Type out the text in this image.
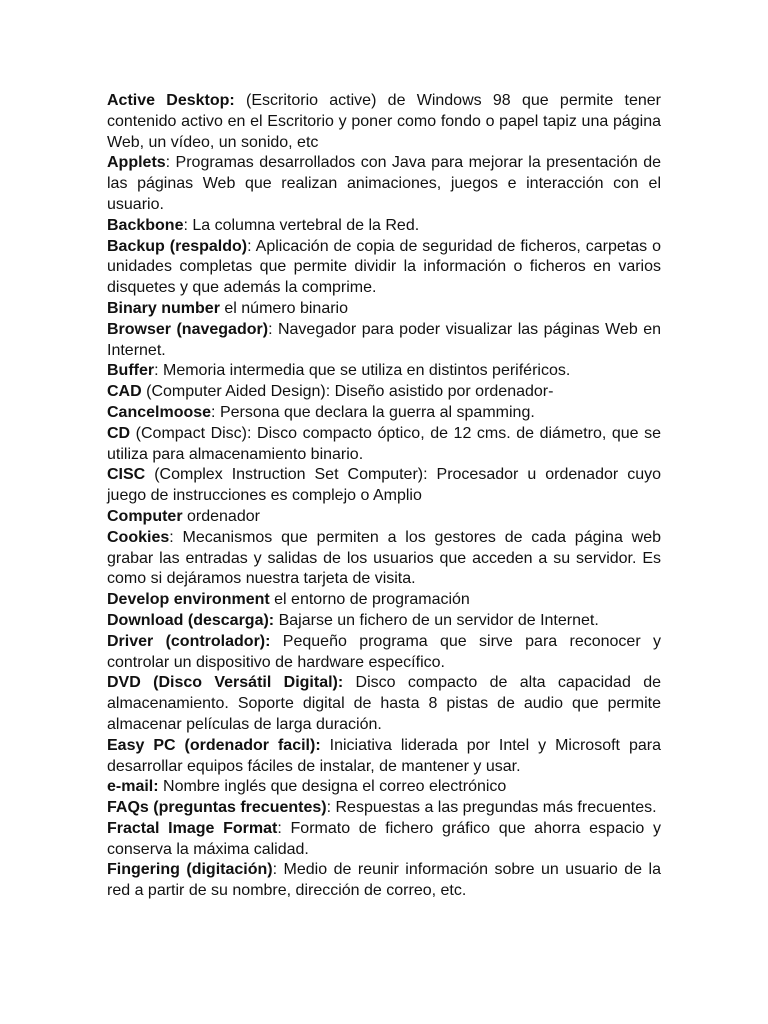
Active Desktop: (Escritorio active) de Windows 98 que permite tener contenido activo en el Escritorio y poner como fondo o papel tapiz una página Web, un vídeo, un sonido, etc

Applets: Programas desarrollados con Java para mejorar la presentación de las páginas Web que realizan animaciones, juegos e interacción con el usuario.

Backbone: La columna vertebral de la Red.

Backup (respaldo): Aplicación de copia de seguridad de ficheros, carpetas o unidades completas que permite dividir la información o ficheros en varios disquetes y que además la comprime.

Binary number el número binario

Browser (navegador): Navegador para poder visualizar las páginas Web en Internet.

Buffer: Memoria intermedia que se utiliza en distintos periféricos.

CAD (Computer Aided Design): Diseño asistido por ordenador-

Cancelmoose: Persona que declara la guerra al spamming.

CD (Compact Disc): Disco compacto óptico, de 12 cms. de diámetro, que se utiliza para almacenamiento binario.

CISC (Complex Instruction Set Computer): Procesador u ordenador cuyo juego de instrucciones es complejo o Amplio

Computer ordenador

Cookies: Mecanismos que permiten a los gestores de cada página web grabar las entradas y salidas de los usuarios que acceden a su servidor. Es como si dejáramos nuestra tarjeta de visita.

Develop environment el entorno de programación

Download (descarga): Bajarse un fichero de un servidor de Internet.

Driver (controlador): Pequeño programa que sirve para reconocer y controlar un dispositivo de hardware específico.

DVD (Disco Versátil Digital): Disco compacto de alta capacidad de almacenamiento. Soporte digital de hasta 8 pistas de audio que permite almacenar películas de larga duración.

Easy PC (ordenador facil): Iniciativa liderada por Intel y Microsoft para desarrollar equipos fáciles de instalar, de mantener y usar.

e-mail: Nombre inglés que designa el correo electrónico

FAQs (preguntas frecuentes): Respuestas a las pregundas más frecuentes.

Fractal Image Format: Formato de fichero gráfico que ahorra espacio y conserva la máxima calidad.

Fingering (digitación): Medio de reunir información sobre un usuario de la red a partir de su nombre, dirección de correo, etc.
